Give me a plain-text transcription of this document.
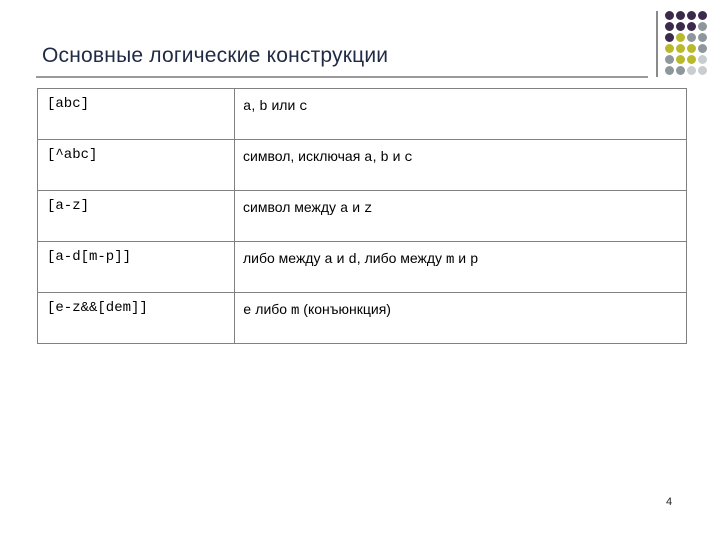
Основные логические конструкции
[abc]	a, b или c

[^abc]	символ, исключая a, b и c

[a-z]	символ между a и z

[a-d[m-p]]	либо между a и d, либо между m и p

[e-z&&[dem]]	e либо m (конъюнкция)
4
